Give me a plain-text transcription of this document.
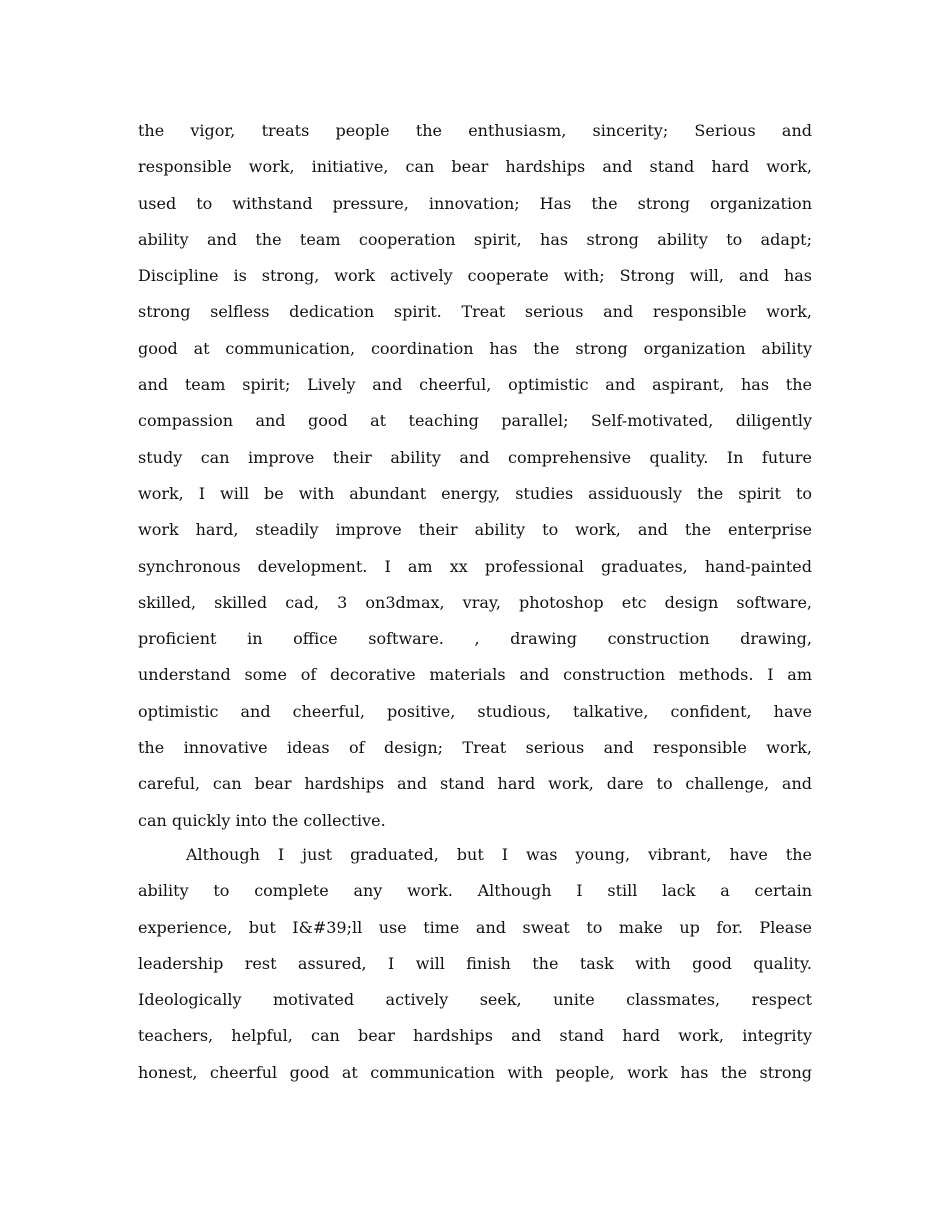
the vigor, treats people the enthusiasm, sincerity; Serious and
responsible work, initiative, can bear hardships and stand hard work,
used to withstand pressure, innovation; Has the strong organization
ability and the team cooperation spirit, has strong ability to adapt;
Discipline is strong, work actively cooperate with; Strong will, and has
strong selfless dedication spirit. Treat serious and responsible work,
good at communication, coordination has the strong organization ability
and team spirit; Lively and cheerful, optimistic and aspirant, has the
compassion and good at teaching parallel; Self-motivated, diligently
study can improve their ability and comprehensive quality. In future
work, I will be with abundant energy, studies assiduously the spirit to
work hard, steadily improve their ability to work, and the enterprise
synchronous development. I am xx professional graduates, hand-painted
skilled, skilled cad, 3 on3dmax, vray, photoshop etc design software,
proficient in office software. , drawing construction drawing,
understand some of decorative materials and construction methods. I am
optimistic and cheerful, positive, studious, talkative, confident, have
the innovative ideas of design; Treat serious and responsible work,
careful, can bear hardships and stand hard work, dare to challenge, and
can quickly into the collective.
Although I just graduated, but I was young, vibrant, have the
ability to complete any work. Although I still lack a certain
experience, but I&#39;ll use time and sweat to make up for. Please
leadership rest assured, I will finish the task with good quality.
Ideologically motivated actively seek, unite classmates, respect
teachers, helpful, can bear hardships and stand hard work, integrity
honest, cheerful good at communication with people, work has the strong
